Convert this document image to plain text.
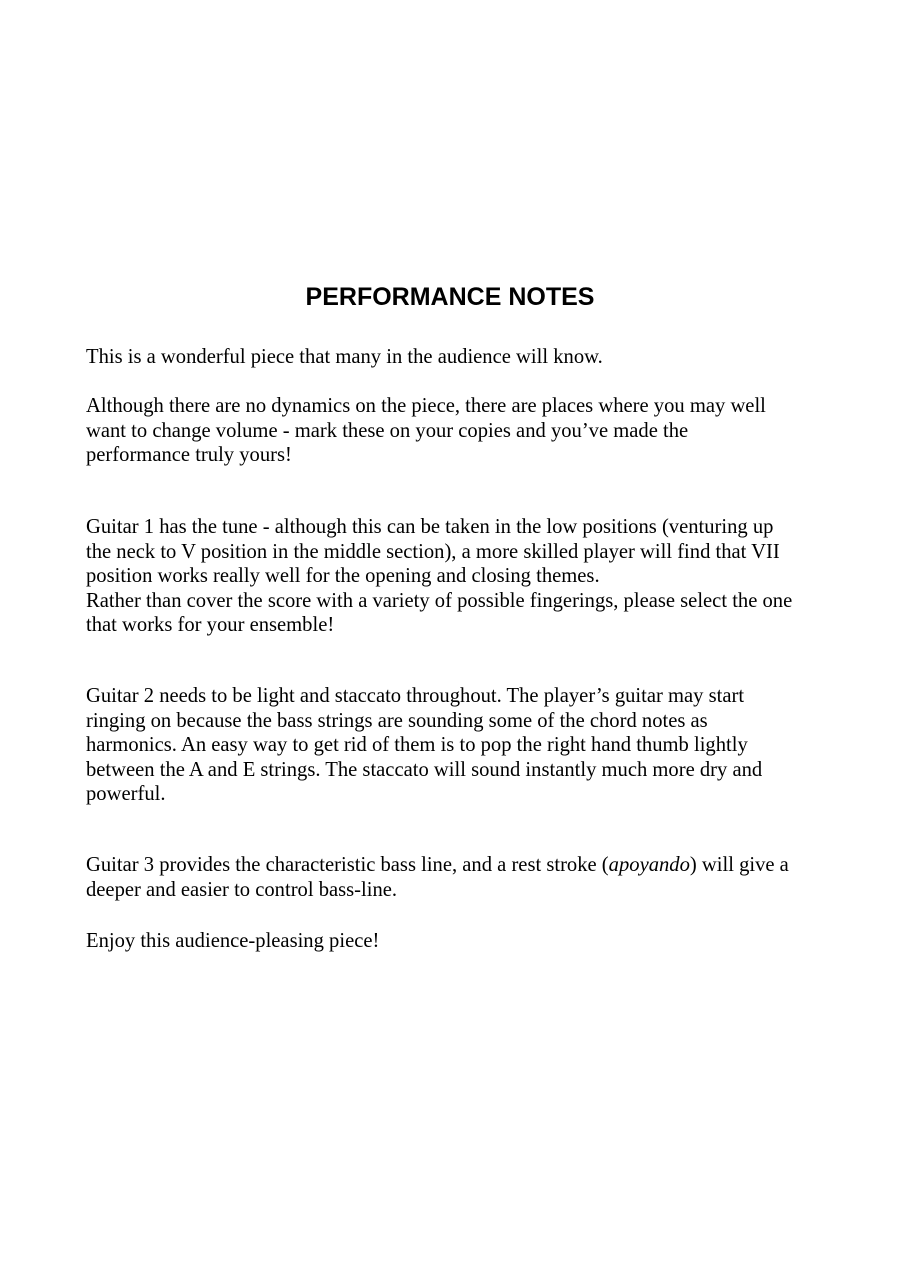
PERFORMANCE NOTES

This is a wonderful piece that many in the audience will know.

Although there are no dynamics on the piece, there are places where you may well
want to change volume - mark these on your copies and you’ve made the
performance truly yours!

Guitar 1 has the tune - although this can be taken in the low positions (venturing up
the neck to V position in the middle section), a more skilled player will find that VII
position works really well for the opening and closing themes.
Rather than cover the score with a variety of possible fingerings, please select the one
that works for your ensemble!

Guitar 2 needs to be light and staccato throughout. The player’s guitar may start
ringing on because the bass strings are sounding some of the chord notes as
harmonics. An easy way to get rid of them is to pop the right hand thumb lightly
between the A and E strings. The staccato will sound instantly much more dry and
powerful.

Guitar 3 provides the characteristic bass line, and a rest stroke (apoyando) will give a
deeper and easier to control bass-line.

Enjoy this audience-pleasing piece!
